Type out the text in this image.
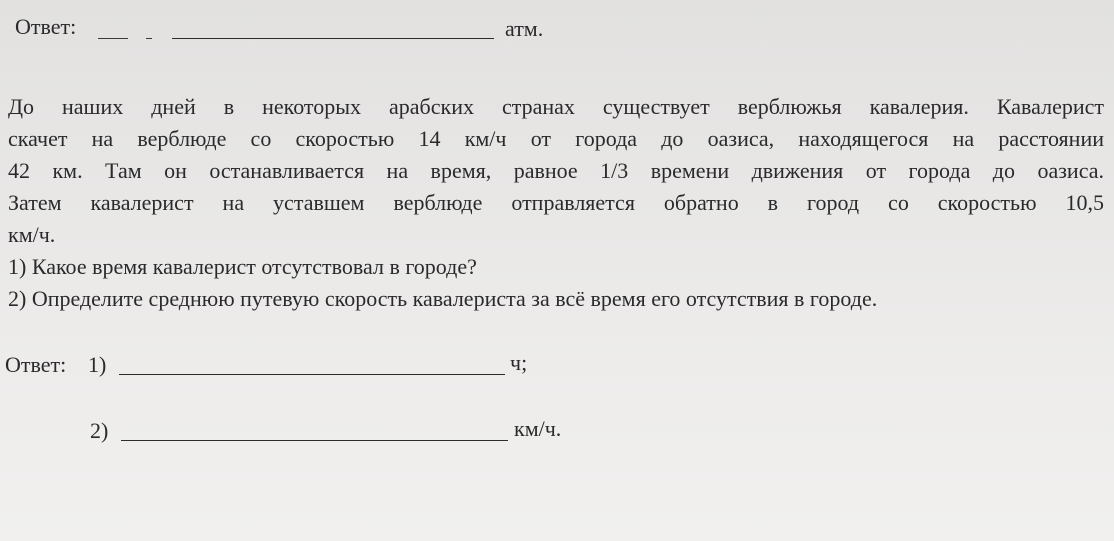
Ответ:	атм.
До наших дней в некоторых арабских странах существует верблюжья кавалерия. Кавалерист
скачет на верблюде со скоростью 14 км/ч от города до оазиса, находящегося на расстоянии
42 км. Там он останавливается на время, равное 1/3 времени движения от города до оазиса.
Затем кавалерист на уставшем верблюде отправляется обратно в город со скоростью 10,5
км/ч.
1) Какое время кавалерист отсутствовал в городе?
2) Определите среднюю путевую скорость кавалериста за всё время его отсутствия в городе.
Ответ: 1)	ч;
2)	км/ч.
